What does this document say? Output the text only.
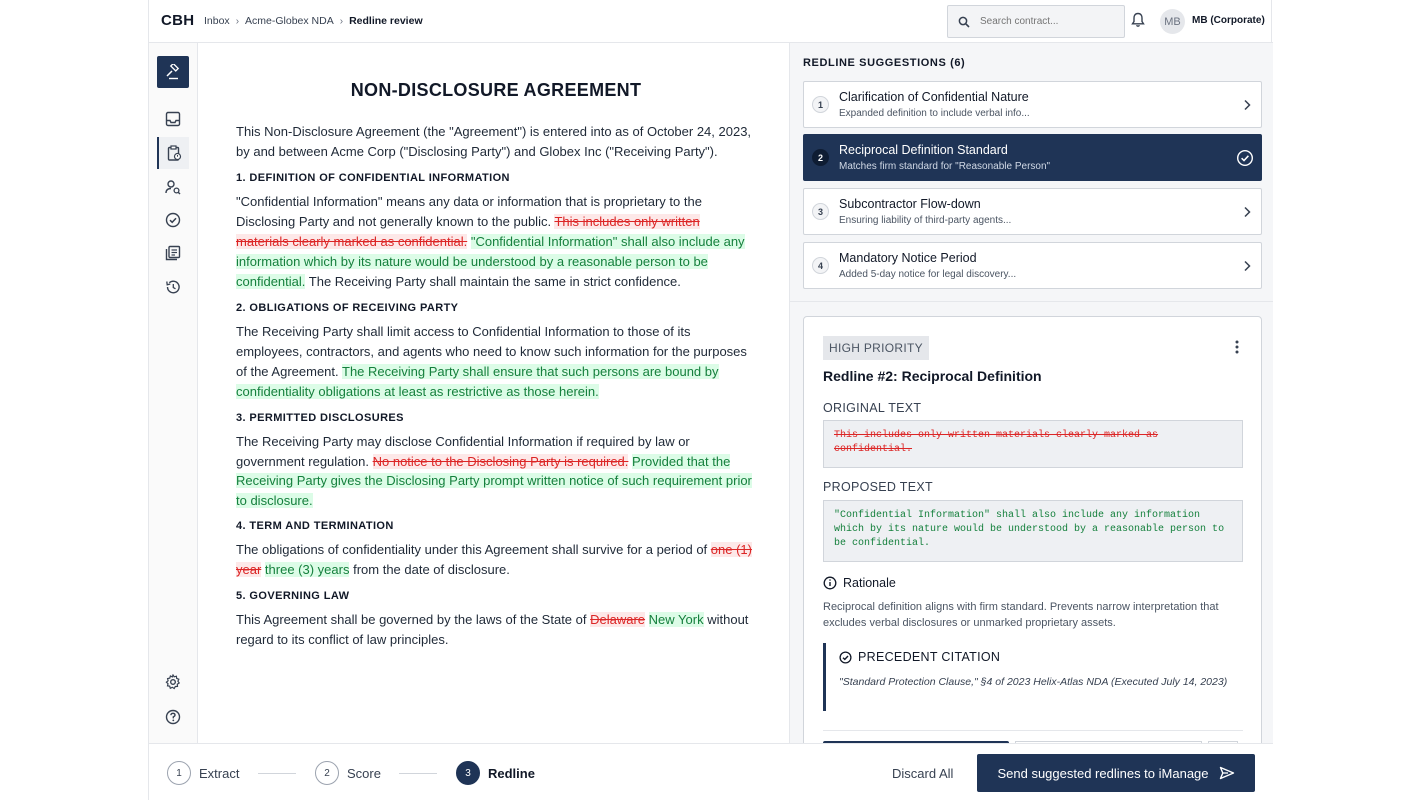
CBH Inbox › Acme-Globex NDA › Redline review
Search contract...	MB	MB (Corporate)
NON-DISCLOSURE AGREEMENT

This Non-Disclosure Agreement (the "Agreement") is entered into as of October 24, 2023, by and between Acme Corp ("Disclosing Party") and Globex Inc ("Receiving Party").

1. DEFINITION OF CONFIDENTIAL INFORMATION

"Confidential Information" means any data or information that is proprietary to the Disclosing Party and not generally known to the public. This includes only written materials clearly marked as confidential. "Confidential Information" shall also include any information which by its nature would be understood by a reasonable person to be confidential. The Receiving Party shall maintain the same in strict confidence.

2. OBLIGATIONS OF RECEIVING PARTY

The Receiving Party shall limit access to Confidential Information to those of its employees, contractors, and agents who need to know such information for the purposes of the Agreement. The Receiving Party shall ensure that such persons are bound by confidentiality obligations at least as restrictive as those herein.

3. PERMITTED DISCLOSURES

The Receiving Party may disclose Confidential Information if required by law or government regulation. No notice to the Disclosing Party is required. Provided that the Receiving Party gives the Disclosing Party prompt written notice of such requirement prior to disclosure.

4. TERM AND TERMINATION

The obligations of confidentiality under this Agreement shall survive for a period of one (1) year three (3) years from the date of disclosure.

5. GOVERNING LAW

This Agreement shall be governed by the laws of the State of Delaware New York without regard to its conflict of law principles.

REDLINE SUGGESTIONS (6)
1
Clarification of Confidential Nature
Expanded definition to include verbal info...
2
Reciprocal Definition Standard
Matches firm standard for "Reasonable Person"
3
Subcontractor Flow-down
Ensuring liability of third-party agents...
4
Mandatory Notice Period
Added 5-day notice for legal discovery...
HIGH PRIORITY
Redline #2: Reciprocal Definition
ORIGINAL TEXT
This includes only written materials clearly marked as confidential.
PROPOSED TEXT
"Confidential Information" shall also include any information which by its nature would be understood by a reasonable person to be confidential.
Rationale
Reciprocal definition aligns with firm standard. Prevents narrow interpretation that excludes verbal disclosures or unmarked proprietary assets.
PRECEDENT CITATION
"Standard Protection Clause," §4 of 2023 Helix-Atlas NDA (Executed July 14, 2023)
1	Extract	2	Score	3	Redline	Discard All	Send suggested redlines to iManage
